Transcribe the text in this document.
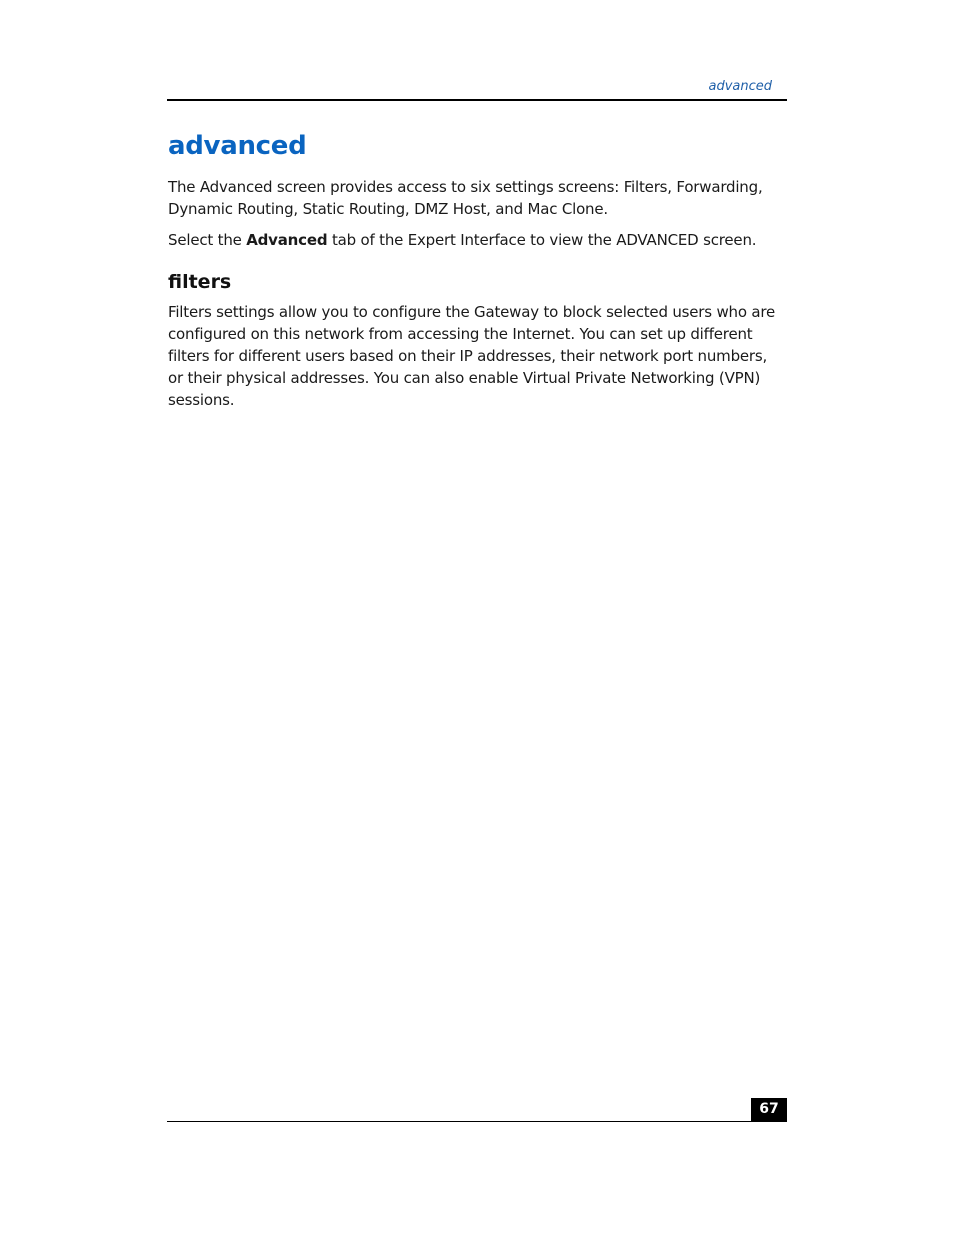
advanced
advanced

The Advanced screen provides access to six settings screens: Filters, Forwarding, Dynamic Routing, Static Routing, DMZ Host, and Mac Clone.

Select the Advanced tab of the Expert Interface to view the ADVANCED screen.

filters

Filters settings allow you to configure the Gateway to block selected users who are configured on this network from accessing the Internet. You can set up different filters for different users based on their IP addresses, their network port numbers, or their physical addresses. You can also enable Virtual Private Networking (VPN) sessions.

67
